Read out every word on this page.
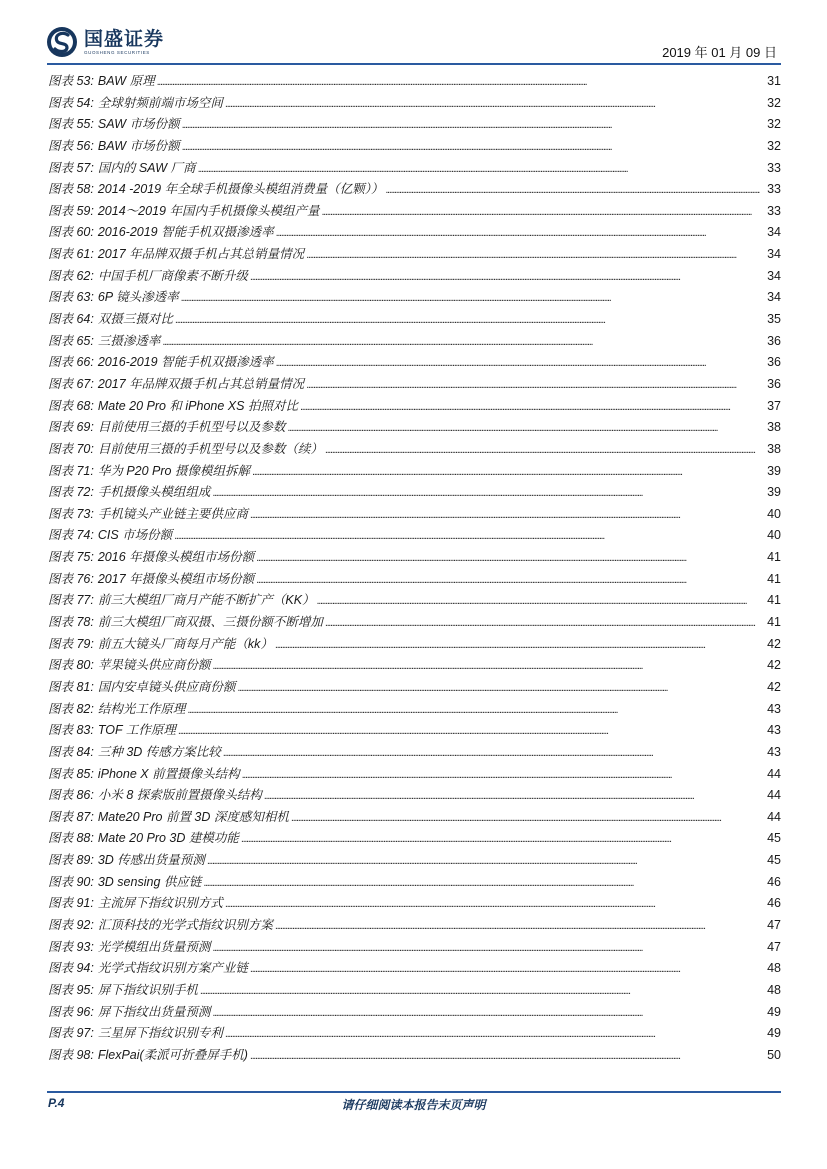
国盛证券
GUOSHENG SECURITIES	2019 年 01 月 09 日
图表 53: BAW 原理 . . .	31
图表 54: 全球射频前端市场空间 . . .	32
图表 55: SAW 市场份额 . . .	32
图表 56: BAW 市场份额 . . .	32
图表 57: 国内的 SAW 厂商 . . .	33
图表 58: 2014 -2019 年全球手机摄像头模组消费量（亿颗）） . . .	33
图表 59: 2014～2019 年国内手机摄像头模组产量 . . .	33
图表 60: 2016-2019 智能手机双摄渗透率 . . .	34
图表 61: 2017 年品牌双摄手机占其总销量情况 . . .	34
图表 62: 中国手机厂商像素不断升级 . . .	34
图表 63: 6P 镜头渗透率 . . .	34
图表 64: 双摄三摄对比 . . .	35
图表 65: 三摄渗透率 . . .	36
图表 66: 2016-2019 智能手机双摄渗透率 . . .	36
图表 67: 2017 年品牌双摄手机占其总销量情况 . . .	36
图表 68: Mate 20 Pro 和 iPhone XS 拍照对比 . . .	37
图表 69: 目前使用三摄的手机型号以及参数 . . .	38
图表 70: 目前使用三摄的手机型号以及参数（续） . . .	38
图表 71: 华为 P20 Pro 摄像模组拆解 . . .	39
图表 72: 手机摄像头模组组成 . . .	39
图表 73: 手机镜头产业链主要供应商 . . .	40
图表 74: CIS 市场份额 . . .	40
图表 75: 2016 年摄像头模组市场份额 . . .	41
图表 76: 2017 年摄像头模组市场份额 . . .	41
图表 77: 前三大模组厂商月产能不断扩产（KK） . . .	41
图表 78: 前三大模组厂商双摄、三摄份额不断增加 . . .	41
图表 79: 前五大镜头厂商每月产能（kk） . . .	42
图表 80: 苹果镜头供应商份额 . . .	42
图表 81: 国内安卓镜头供应商份额 . . .	42
图表 82: 结构光工作原理 . . .	43
图表 83: TOF 工作原理 . . .	43
图表 84: 三种 3D 传感方案比较 . . .	43
图表 85: iPhone X 前置摄像头结构 . . .	44
图表 86: 小米 8 探索版前置摄像头结构 . . .	44
图表 87: Mate20 Pro 前置 3D 深度感知相机 . . .	44
图表 88: Mate 20 Pro 3D 建模功能 . . .	45
图表 89: 3D 传感出货量预测 . . .	45
图表 90: 3D sensing 供应链 . . .	46
图表 91: 主流屏下指纹识别方式 . . .	46
图表 92: 汇顶科技的光学式指纹识别方案 . . .	47
图表 93: 光学模组出货量预测 . . .	47
图表 94: 光学式指纹识别方案产业链 . . .	48
图表 95: 屏下指纹识别手机 . . .	48
图表 96: 屏下指纹出货量预测 . . .	49
图表 97: 三星屏下指纹识别专利 . . .	49
图表 98: FlexPai(柔派可折叠屏手机) . . .	50
请仔细阅读本报告末页声明
P.4
